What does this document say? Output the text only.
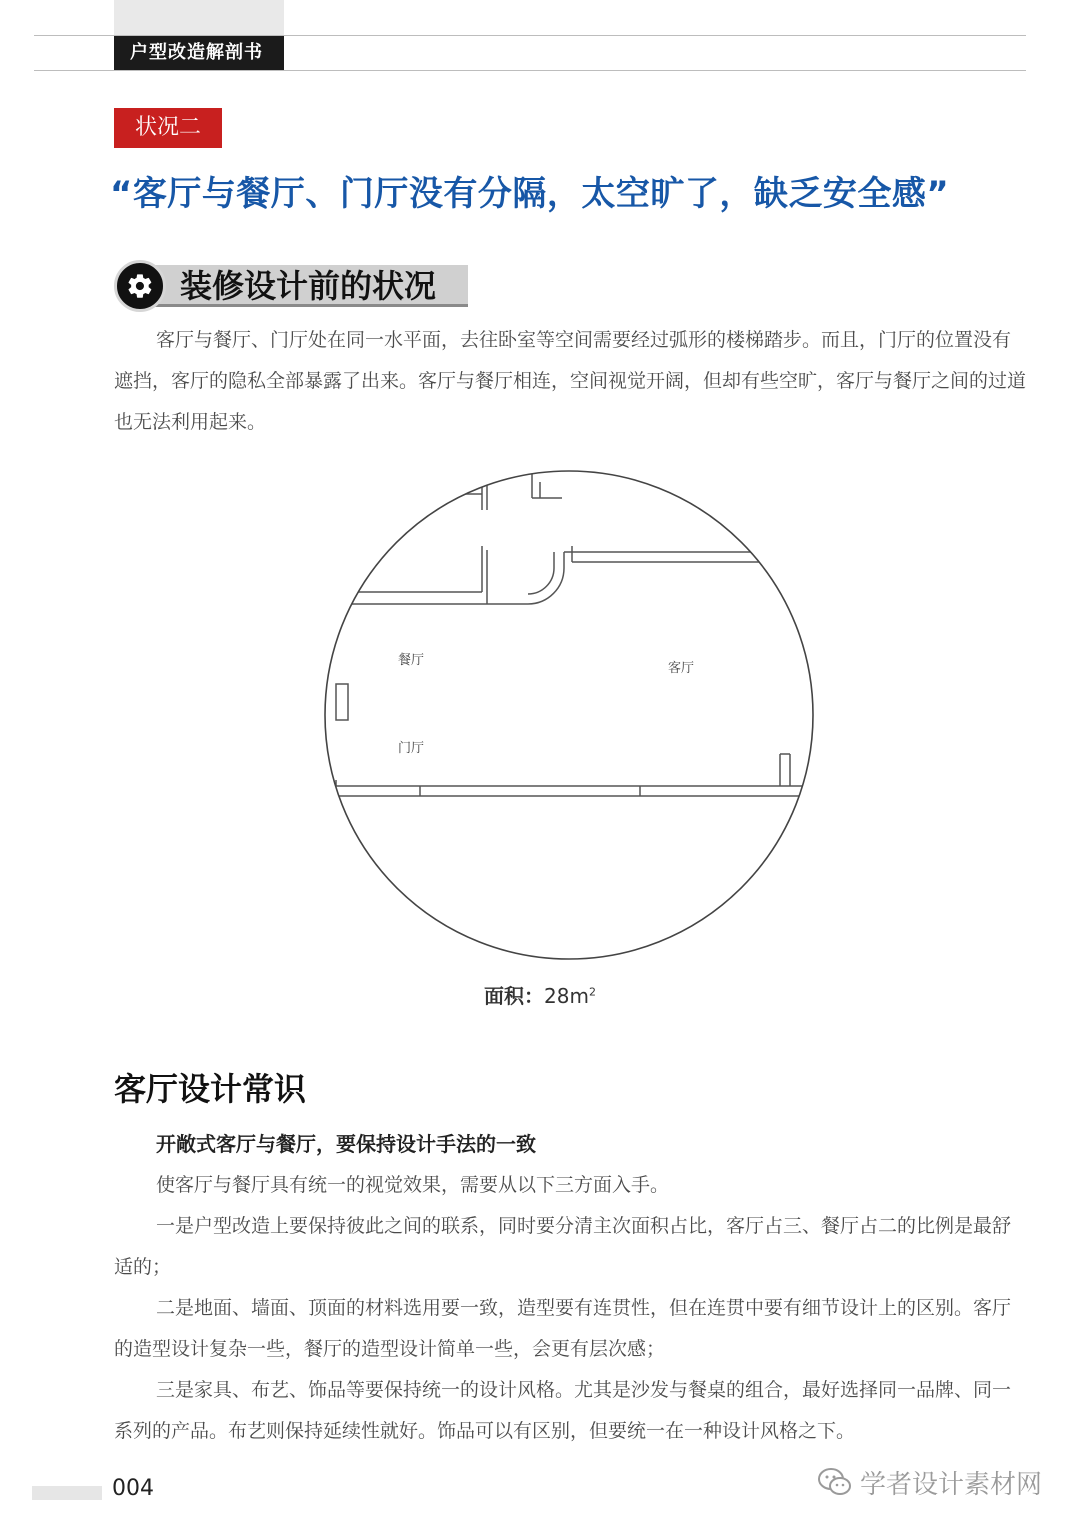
户型改造解剖书
状况二
“客厅与餐厅、门厅没有分隔，太空旷了，缺乏安全感”
装修设计前的状况

客厅与餐厅、门厅处在同一水平面，去往卧室等空间需要经过弧形的楼梯踏步。而且，门厅的位置没有遮挡，客厅的隐私全部暴露了出来。客厅与餐厅相连，空间视觉开阔，但却有些空旷，客厅与餐厅之间的过道也无法利用起来。

餐厅
客厅
门厅
面积：$28m^2$
客厅设计常识
开敞式客厅与餐厅，要保持设计手法的一致

使客厅与餐厅具有统一的视觉效果，需要从以下三方面入手。

一是户型改造上要保持彼此之间的联系，同时要分清主次面积占比，客厅占三、餐厅占二的比例是最舒适的；

二是地面、墙面、顶面的材料选用要一致，造型要有连贯性，但在连贯中要有细节设计上的区别。客厅的造型设计复杂一些，餐厅的造型设计简单一些，会更有层次感；

三是家具、布艺、饰品等要保持统一的设计风格。尤其是沙发与餐桌的组合，最好选择同一品牌、同一系列的产品。布艺则保持延续性就好。饰品可以有区别，但要统一在一种设计风格之下。

004	学者设计素材网
